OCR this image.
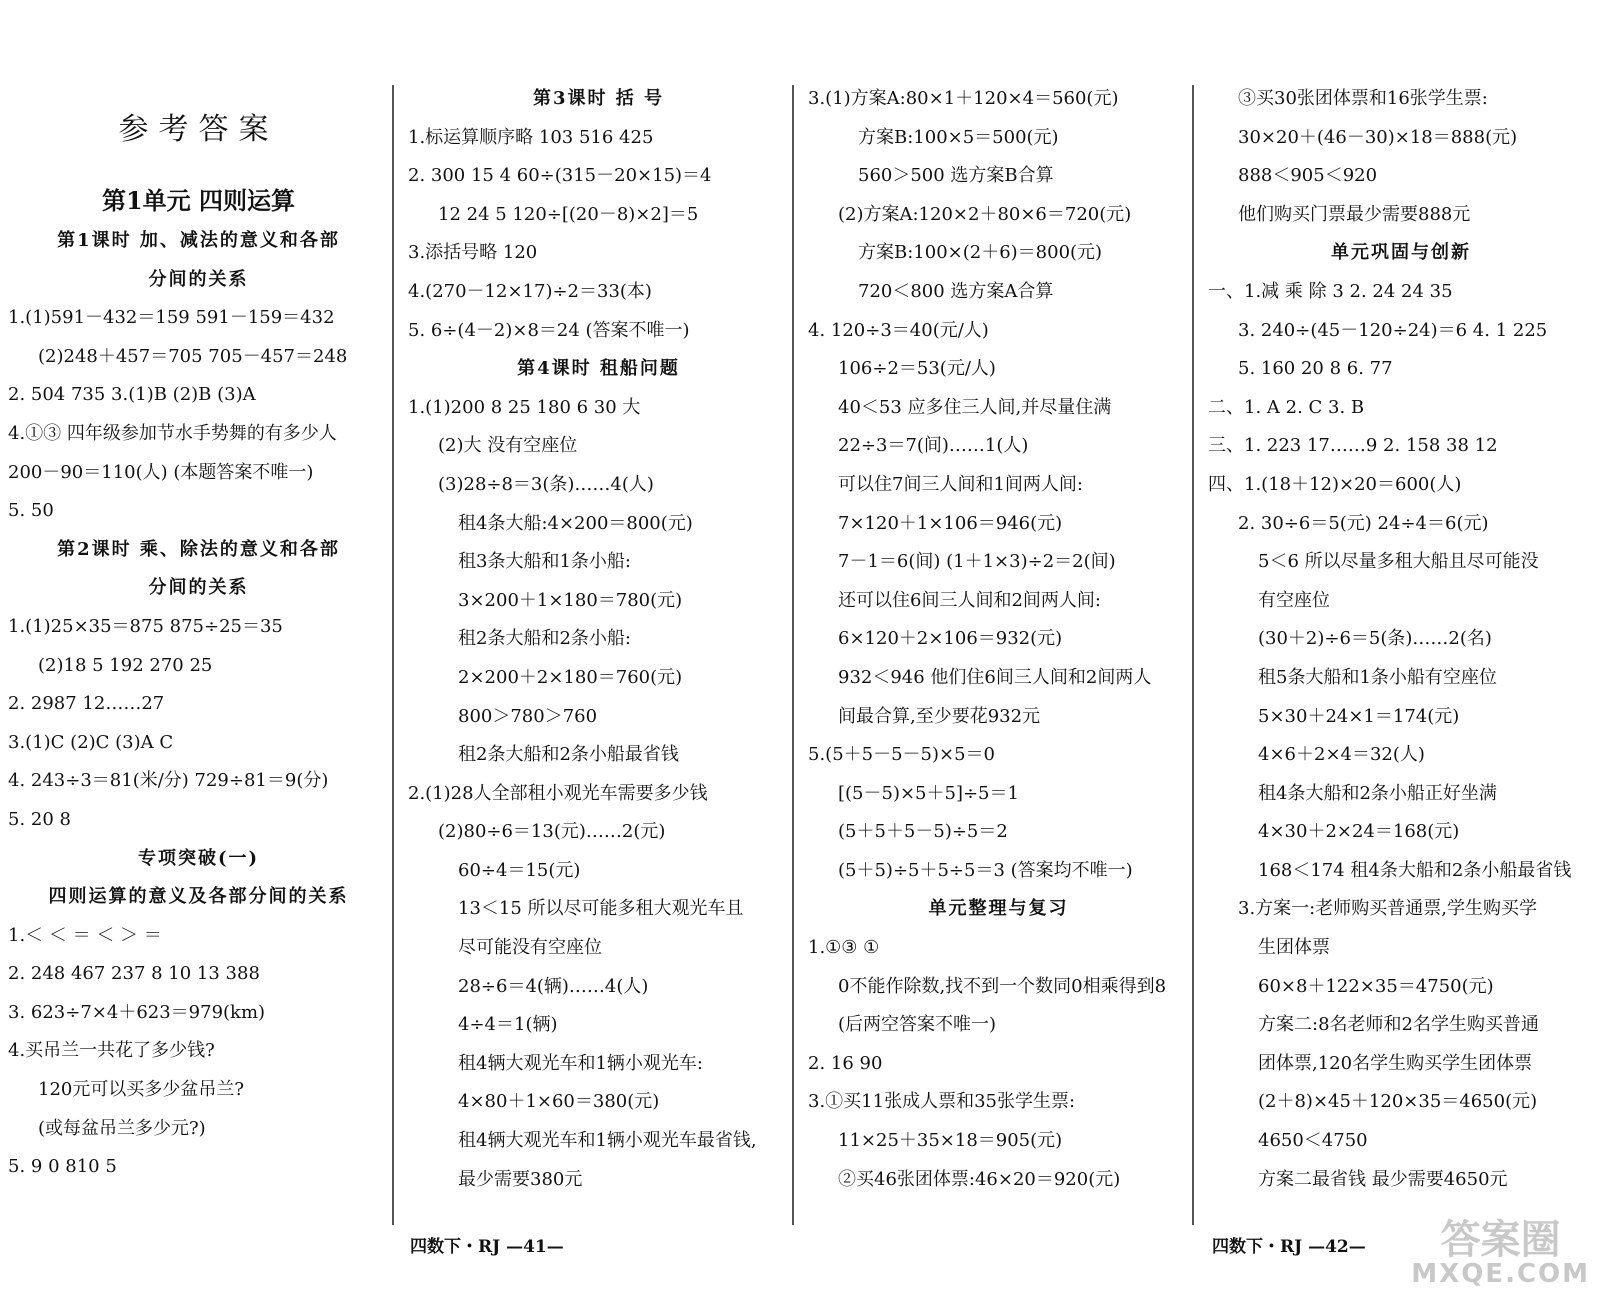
参考答案
第1单元 四则运算
第1课时 加、减法的意义和各部
分间的关系
1.(1)591－432＝159 591－159＝432
(2)248＋457＝705 705－457＝248
2. 504 735 3.(1)B (2)B (3)A
4.①③ 四年级参加节水手势舞的有多少人
200－90＝110(人) (本题答案不唯一)
5. 50
第2课时 乘、除法的意义和各部
分间的关系
1.(1)25×35＝875 875÷25＝35
(2)18 5 192 270 25
2. 2987 12……27
3.(1)C (2)C (3)A C
4. 243÷3＝81(米/分) 729÷81＝9(分)
5. 20 8
专项突破(一)
四则运算的意义及各部分间的关系
1.＜ ＜ ＝ ＜ ＞ ＝
2. 248 467 237 8 10 13 388
3. 623÷7×4＋623＝979(km)
4.买吊兰一共花了多少钱?
120元可以买多少盆吊兰?
(或每盆吊兰多少元?)
5. 9 0 810 5
第3课时 括 号
1.标运算顺序略 103 516 425
2. 300 15 4 60÷(315－20×15)＝4
12 24 5 120÷[(20－8)×2]＝5
3.添括号略 120
4.(270－12×17)÷2＝33(本)
5. 6÷(4－2)×8＝24 (答案不唯一)
第4课时 租船问题
1.(1)200 8 25 180 6 30 大
(2)大 没有空座位
(3)28÷8＝3(条)……4(人)
租4条大船:4×200＝800(元)
租3条大船和1条小船:
3×200＋1×180＝780(元)
租2条大船和2条小船:
2×200＋2×180＝760(元)
800＞780＞760
租2条大船和2条小船最省钱
2.(1)28人全部租小观光车需要多少钱
(2)80÷6＝13(元)……2(元)
60÷4＝15(元)
13＜15 所以尽可能多租大观光车且
尽可能没有空座位
28÷6＝4(辆)……4(人)
4÷4＝1(辆)
租4辆大观光车和1辆小观光车:
4×80＋1×60＝380(元)
租4辆大观光车和1辆小观光车最省钱,
最少需要380元
3.(1)方案A:80×1＋120×4＝560(元)
方案B:100×5＝500(元)
560＞500 选方案B合算
(2)方案A:120×2＋80×6＝720(元)
方案B:100×(2＋6)＝800(元)
720＜800 选方案A合算
4. 120÷3＝40(元/人)
106÷2＝53(元/人)
40＜53 应多住三人间,并尽量住满
22÷3＝7(间)……1(人)
可以住7间三人间和1间两人间:
7×120＋1×106＝946(元)
7－1＝6(间) (1＋1×3)÷2＝2(间)
还可以住6间三人间和2间两人间:
6×120＋2×106＝932(元)
932＜946 他们住6间三人间和2间两人
间最合算,至少要花932元
5.(5＋5－5－5)×5＝0
[(5－5)×5＋5]÷5＝1
(5＋5＋5－5)÷5＝2
(5＋5)÷5＋5÷5＝3 (答案均不唯一)
单元整理与复习
1.①③ ①
0不能作除数,找不到一个数同0相乘得到8
(后两空答案不唯一)
2. 16 90
3.①买11张成人票和35张学生票:
11×25＋35×18＝905(元)
②买46张团体票:46×20＝920(元)
③买30张团体票和16张学生票:
30×20＋(46－30)×18＝888(元)
888＜905＜920
他们购买门票最少需要888元
单元巩固与创新
一、1.减 乘 除 3 2. 24 24 35
3. 240÷(45－120÷24)＝6 4. 1 225
5. 160 20 8 6. 77
二、1. A 2. C 3. B
三、1. 223 17……9 2. 158 38 12
四、1.(18＋12)×20＝600(人)
2. 30÷6＝5(元) 24÷4＝6(元)
5＜6 所以尽量多租大船且尽可能没
有空座位
(30＋2)÷6＝5(条)……2(名)
租5条大船和1条小船有空座位
5×30＋24×1＝174(元)
4×6＋2×4＝32(人)
租4条大船和2条小船正好坐满
4×30＋2×24＝168(元)
168＜174 租4条大船和2条小船最省钱
3.方案一:老师购买普通票,学生购买学
生团体票
60×8＋122×35＝4750(元)
方案二:8名老师和2名学生购买普通
团体票,120名学生购买学生团体票
(2＋8)×45＋120×35＝4650(元)
4650＜4750
方案二最省钱 最少需要4650元
四数下・RJ —41—	四数下・RJ —42—	答案圈
MXQE.COM
